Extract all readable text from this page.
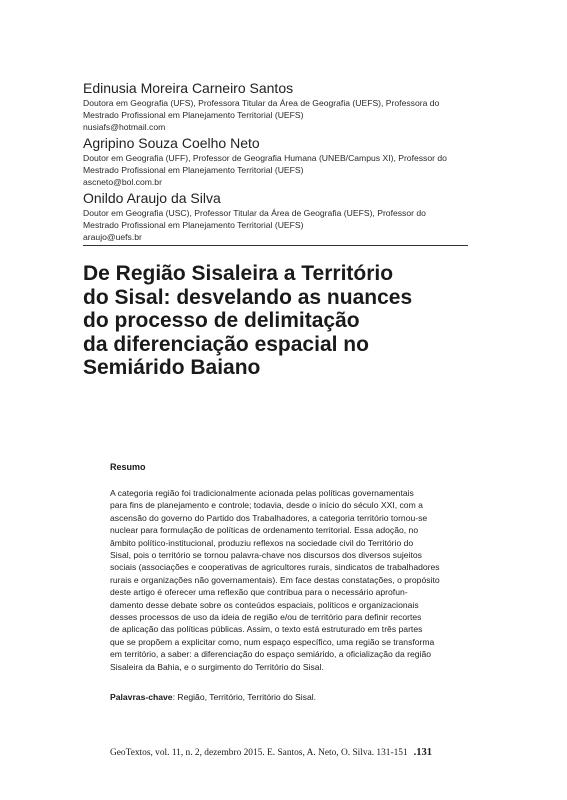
Edinusia Moreira Carneiro Santos
Doutora em Geografia (UFS), Professora Titular da Área de Geografia (UEFS), Professora do
Mestrado Profissional em Planejamento Territorial (UEFS)
nusiafs@hotmail.com
Agripino Souza Coelho Neto
Doutor em Geografia (UFF), Professor de Geografia Humana (UNEB/Campus XI), Professor do
Mestrado Profissional em Planejamento Territorial (UEFS)
ascneto@bol.com.br
Onildo Araujo da Silva
Doutor em Geografia (USC), Professor Titular da Área de Geografia (UEFS), Professor do
Mestrado Profissional em Planejamento Territorial (UEFS)
araujo@uefs.br
De Região Sisaleira a Território
do Sisal: desvelando as nuances
do processo de delimitação
da diferenciação espacial no
Semiárido Baiano
Resumo
A categoria região foi tradicionalmente acionada pelas políticas governamentais
para fins de planejamento e controle; todavia, desde o início do século XXI, com a
ascensão do governo do Partido dos Trabalhadores, a categoria território tornou-se
nuclear para formulação de políticas de ordenamento territorial. Essa adoção, no
âmbito político-institucional, produziu reflexos na sociedade civil do Território do
Sisal, pois o território se tornou palavra-chave nos discursos dos diversos sujeitos
sociais (associações e cooperativas de agricultores rurais, sindicatos de trabalhadores
rurais e organizações não governamentais). Em face destas constatações, o propósito
deste artigo é oferecer uma reflexão que contribua para o necessário aprofun-
damento desse debate sobre os conteúdos espaciais, políticos e organizacionais
desses processos de uso da ideia de região e/ou de território para definir recortes
de aplicação das políticas públicas. Assim, o texto está estruturado em três partes
que se propõem a explicitar como, num espaço específico, uma região se transforma
em território, a saber: a diferenciação do espaço semiárido, a oficialização da região
Sisaleira da Bahia, e o surgimento do Território do Sisal.
Palavras-chave: Região, Território, Território do Sisal.
GeoTextos, vol. 11, n. 2, dezembro 2015. E. Santos, A. Neto, O. Silva. 131-151 .131
